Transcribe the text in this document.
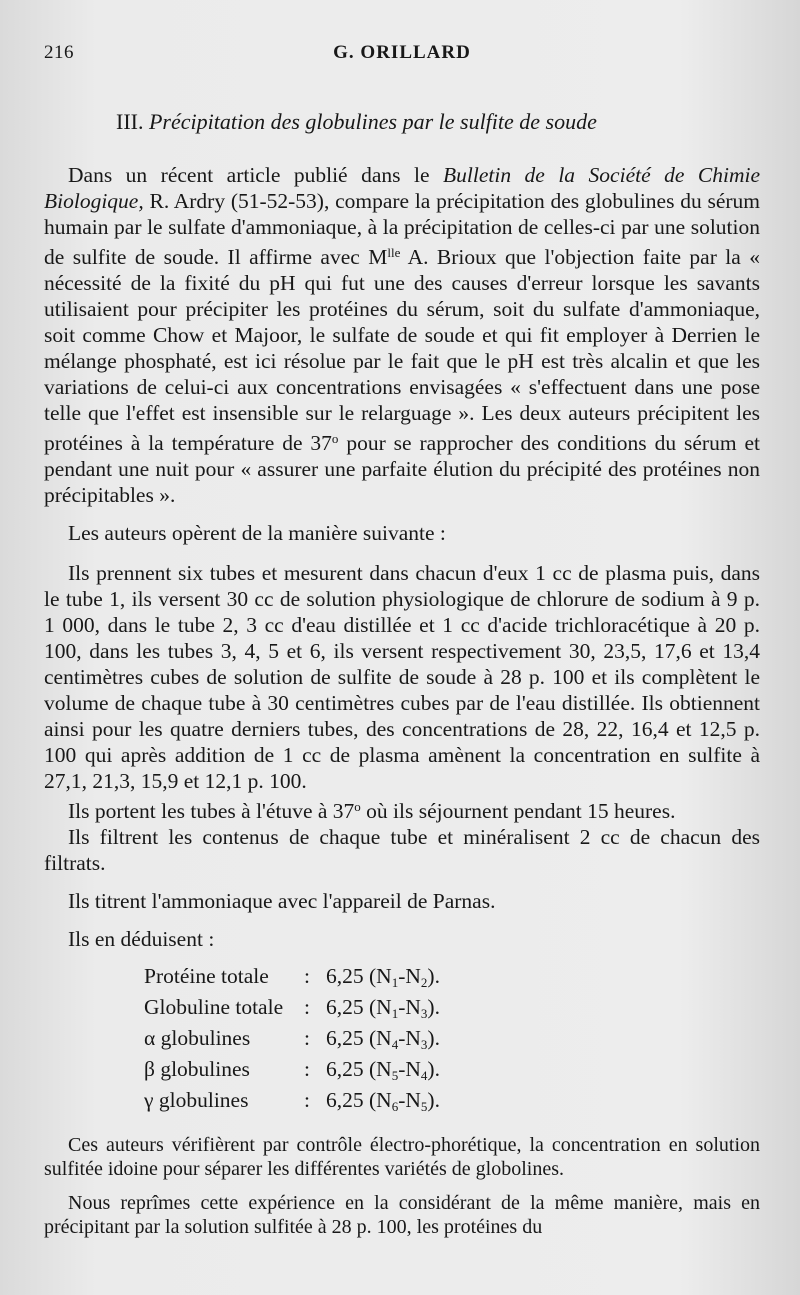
216	G. ORILLARD
III. Précipitation des globulines par le sulfite de soude

Dans un récent article publié dans le Bulletin de la Société de Chimie Biologique, R. Ardry (51-52-53), compare la précipitation des globulines du sérum humain par le sulfate d'ammoniaque, à la précipitation de celles-ci par une solution de sulfite de soude. Il affirme avec $M^{lle}$ A. Brioux que l'objection faite par la « nécessité de la fixité du pH qui fut une des causes d'erreur lorsque les savants utilisaient pour précipiter les protéines du sérum, soit du sulfate d'ammoniaque, soit comme Chow et Majoor, le sulfate de soude et qui fit employer à Derrien le mélange phosphaté, est ici résolue par le fait que le pH est très alcalin et que les variations de celui-ci aux concentrations envisagées « s'effectuent dans une pose telle que l'effet est insensible sur le relarguage ». Les deux auteurs précipitent les protéines à la température de 37$^o$ pour se rapprocher des conditions du sérum et pendant une nuit pour « assurer une parfaite élution du précipité des protéines non précipitables ».

Les auteurs opèrent de la manière suivante :

Ils prennent six tubes et mesurent dans chacun d'eux 1 cc de plasma puis, dans le tube 1, ils versent 30 cc de solution physiologique de chlorure de sodium à 9 p. 1 000, dans le tube 2, 3 cc d'eau distillée et 1 cc d'acide trichloracétique à 20 p. 100, dans les tubes 3, 4, 5 et 6, ils versent respectivement 30, 23,5, 17,6 et 13,4 centimètres cubes de solution de sulfite de soude à 28 p. 100 et ils complètent le volume de chaque tube à 30 centimètres cubes par de l'eau distillée. Ils obtiennent ainsi pour les quatre derniers tubes, des concentrations de 28, 22, 16,4 et 12,5 p. 100 qui après addition de 1 cc de plasma amènent la concentration en sulfite à 27,1, 21,3, 15,9 et 12,1 p. 100.

Ils portent les tubes à l'étuve à 37$^o$ où ils séjournent pendant 15 heures.

Ils filtrent les contenus de chaque tube et minéralisent 2 cc de chacun des filtrats.

Ils titrent l'ammoniaque avec l'appareil de Parnas.

Ils en déduisent :

Protéine totale : 6,25 $(N_1-N_2)$.
Globuline totale : 6,25 $(N_1-N_3)$.
α globulines	: 6,25 $(N_4-N_3)$.
β globulines	: 6,25 $(N_5-N_4)$.
γ globulines	: 6,25 $(N_6-N_5)$.

Ces auteurs vérifièrent par contrôle électro-phorétique, la concentration en solution sulfitée idoine pour séparer les différentes variétés de globolines.

Nous reprîmes cette expérience en la considérant de la même manière, mais en précipitant par la solution sulfitée à 28 p. 100, les protéines du
